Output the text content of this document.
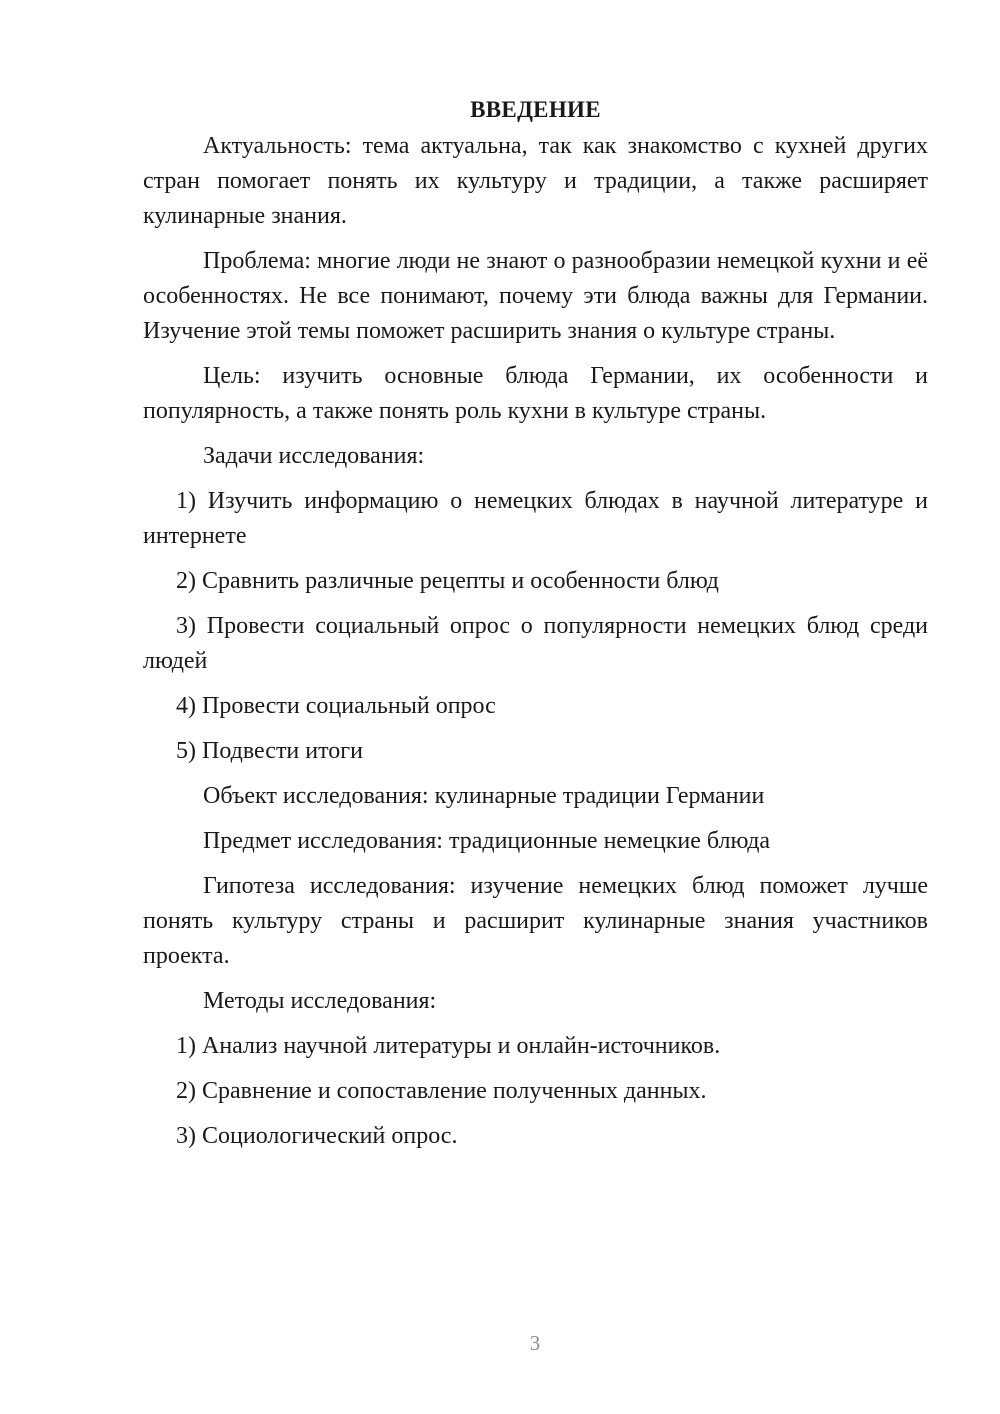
ВВЕДЕНИЕ
Актуальность: тема актуальна, так как знакомство с кухней других стран помогает понять их культуру и традиции, а также расширяет кулинарные знания.
Проблема: многие люди не знают о разнообразии немецкой кухни и её особенностях. Не все понимают, почему эти блюда важны для Германии. Изучение этой темы поможет расширить знания о культуре страны.
Цель: изучить основные блюда Германии, их особенности и популярность, а также понять роль кухни в культуре страны.
Задачи исследования:
1) Изучить информацию о немецких блюдах в научной литературе и интернете
2) Сравнить различные рецепты и особенности блюд
3) Провести социальный опрос о популярности немецких блюд среди людей
4) Провести социальный опрос
5) Подвести итоги
Объект исследования: кулинарные традиции Германии
Предмет исследования: традиционные немецкие блюда
Гипотеза исследования: изучение немецких блюд поможет лучше понять культуру страны и расширит кулинарные знания участников проекта.
Методы исследования:
1) Анализ научной литературы и онлайн-источников.
2) Сравнение и сопоставление полученных данных.
3) Социологический опрос.
3
